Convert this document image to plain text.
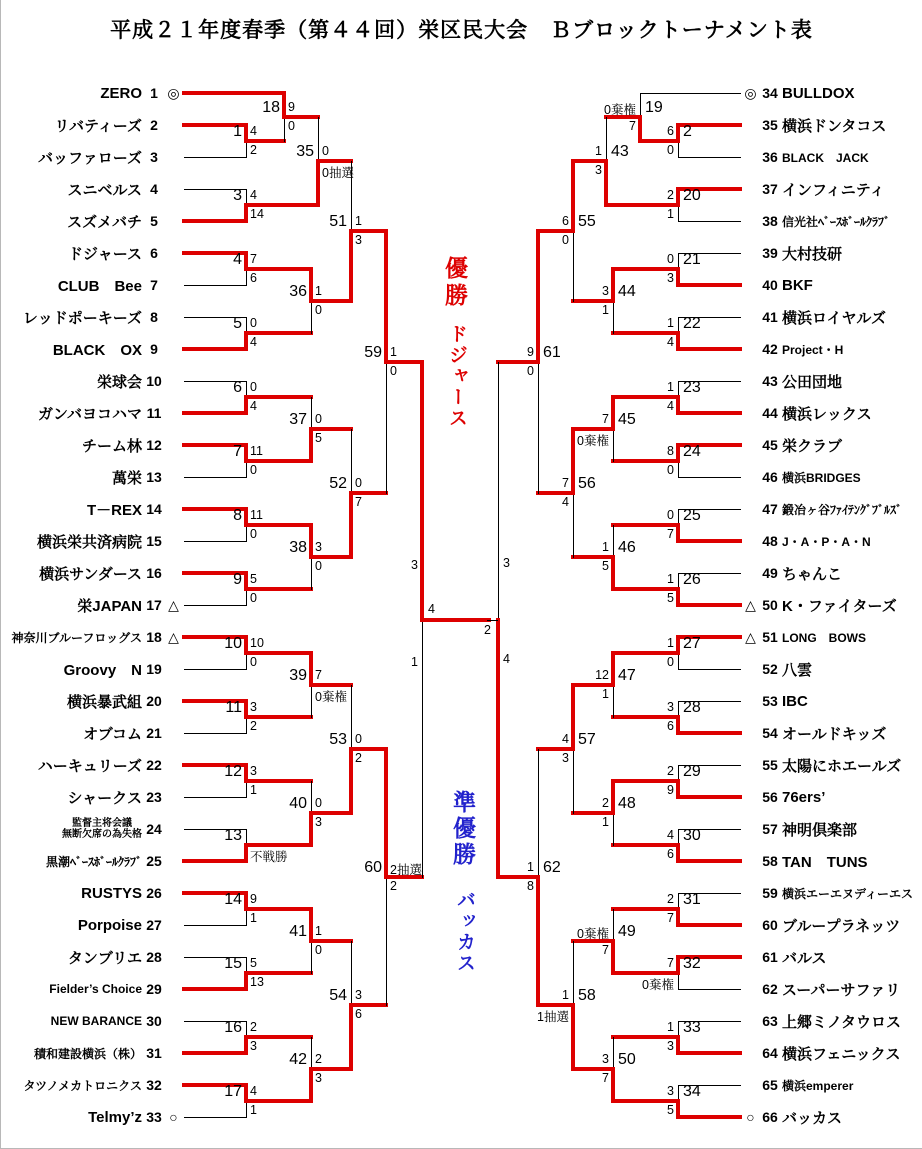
平成２１年度春季（第４４回）栄区民大会　Ｂブロックトーナメント表
優勝
ドジャース
準優勝
バッカス
1 4
2
3 4
14
4 7
6
5 0
4
6 0
4
7 11
0
8 11
0
9 5
0
10 10
0
11 3
2
12 3
1
13
不戦勝
14 9
1
15 5
13
16 2
3
17 4
1
18 9
0
35 0
0抽選
36 1
0
37 0
5
38 3
0
39 7
0棄権
40 0
3
41 1
0
42 2
3
51 1
3
52 0
7
53 0
2
54 3
6
59 1
0
60 2抽選
2
2
6
0
19
0棄権
7
20
2
1
21
0
3
22
1
4
23
1
4
24
8
0
25
0
7
26
1
5
27
1
0
28
3
6
29
2
9
30
4
6
31
2
7
32
7
0棄権
33
1
3
34
3
5
43
1
3
44
3
1
45
7
0棄権
46
1
5
47
12
1
48
2
1
49
0棄権
7
50
3
7
55
6
0
56
7
4
57
4
3
58
1
1抽選
61
9
0
62
1
8
3
1
3
4
4
2
ZERO 1 ◎
リバティーズ 2
バッファローズ 3
スニベルス 4
スズメバチ 5
ドジャース 6
CLUB　Bee 7
レッドポーキーズ 8
BLACK　OX 9
栄球会 10
ガンバヨコハマ 11
チーム林 12
萬栄 13
T－REX 14
横浜栄共済病院 15
横浜サンダース 16
栄JAPAN 17 △
神奈川ブルーフロッグス 18 △
Groovy　N 19
横浜暴武組 20
オブコム 21
ハーキュリーズ 22
シャークス 23
監督主将会議
無断欠席の為失格 24
黒潮ﾍﾞｰｽﾎﾞｰﾙｸﾗﾌﾞ 25
RUSTYS 26
Porpoise 27
タンブリエ 28
Fielder’s Choice 29
NEW BARANCE 30
積和建設横浜（株） 31
タツノメカトロニクス 32
Telmy’z 33 ○
◎ 34 BULLDOX
35 横浜ドンタコス
36 BLACK　JACK
37 インフィニティ
38 信光社ﾍﾞｰｽﾎﾞｰﾙｸﾗﾌﾞ
39 大村技研
40 BKF
41 横浜ロイヤルズ
42 Project・H
43 公田団地
44 横浜レックス
45 栄クラブ
46 横浜BRIDGES
47 鍛冶ヶ谷ﾌｧｲﾃﾝｸﾞﾌﾞﾙｽﾞ
48 J・A・P・A・N
49 ちゃんこ
△ 50 K・ファイターズ
△ 51 LONG　BOWS
52 八雲
53 IBC
54 オールドキッズ
55 太陽にホエールズ
56 76ers’
57 神明倶楽部
58 TAN　TUNS
59 横浜エーエヌディーエス
60 ブループラネッツ
61 バルス
62 スーパーサファリ
63 上郷ミノタウロス
64 横浜フェニックス
65 横浜emperer
○ 66 バッカス
